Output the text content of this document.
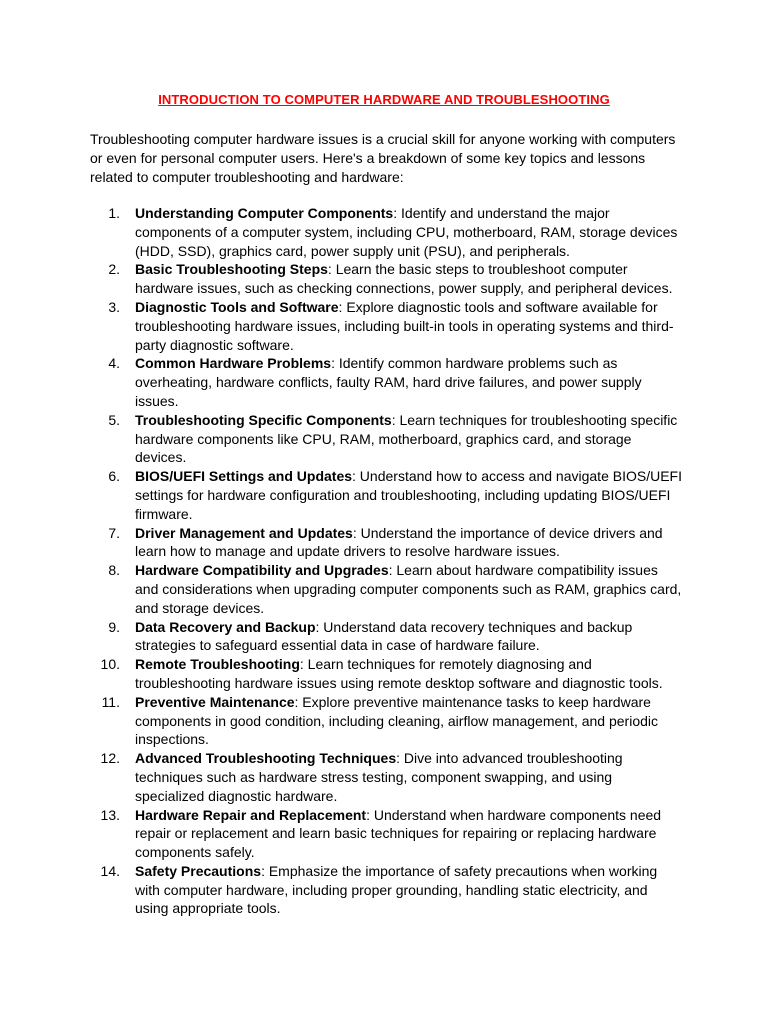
INTRODUCTION TO COMPUTER HARDWARE AND TROUBLESHOOTING

Troubleshooting computer hardware issues is a crucial skill for anyone working with computers or even for personal computer users. Here's a breakdown of some key topics and lessons related to computer troubleshooting and hardware:

1.	Understanding Computer Components: Identify and understand the major components of a computer system, including CPU, motherboard, RAM, storage devices (HDD, SSD), graphics card, power supply unit (PSU), and peripherals.
2.	Basic Troubleshooting Steps: Learn the basic steps to troubleshoot computer hardware issues, such as checking connections, power supply, and peripheral devices.
3.	Diagnostic Tools and Software: Explore diagnostic tools and software available for troubleshooting hardware issues, including built-in tools in operating systems and third-party diagnostic software.
4.	Common Hardware Problems: Identify common hardware problems such as overheating, hardware conflicts, faulty RAM, hard drive failures, and power supply issues.
5.	Troubleshooting Specific Components: Learn techniques for troubleshooting specific hardware components like CPU, RAM, motherboard, graphics card, and storage devices.
6.	BIOS/UEFI Settings and Updates: Understand how to access and navigate BIOS/UEFI settings for hardware configuration and troubleshooting, including updating BIOS/UEFI firmware.
7.	Driver Management and Updates: Understand the importance of device drivers and learn how to manage and update drivers to resolve hardware issues.
8.	Hardware Compatibility and Upgrades: Learn about hardware compatibility issues and considerations when upgrading computer components such as RAM, graphics card, and storage devices.
9.	Data Recovery and Backup: Understand data recovery techniques and backup strategies to safeguard essential data in case of hardware failure.
10.	Remote Troubleshooting: Learn techniques for remotely diagnosing and troubleshooting hardware issues using remote desktop software and diagnostic tools.
11.	Preventive Maintenance: Explore preventive maintenance tasks to keep hardware components in good condition, including cleaning, airflow management, and periodic inspections.
12.	Advanced Troubleshooting Techniques: Dive into advanced troubleshooting techniques such as hardware stress testing, component swapping, and using specialized diagnostic hardware.
13.	Hardware Repair and Replacement: Understand when hardware components need repair or replacement and learn basic techniques for repairing or replacing hardware components safely.
14.	Safety Precautions: Emphasize the importance of safety precautions when working with computer hardware, including proper grounding, handling static electricity, and using appropriate tools.
